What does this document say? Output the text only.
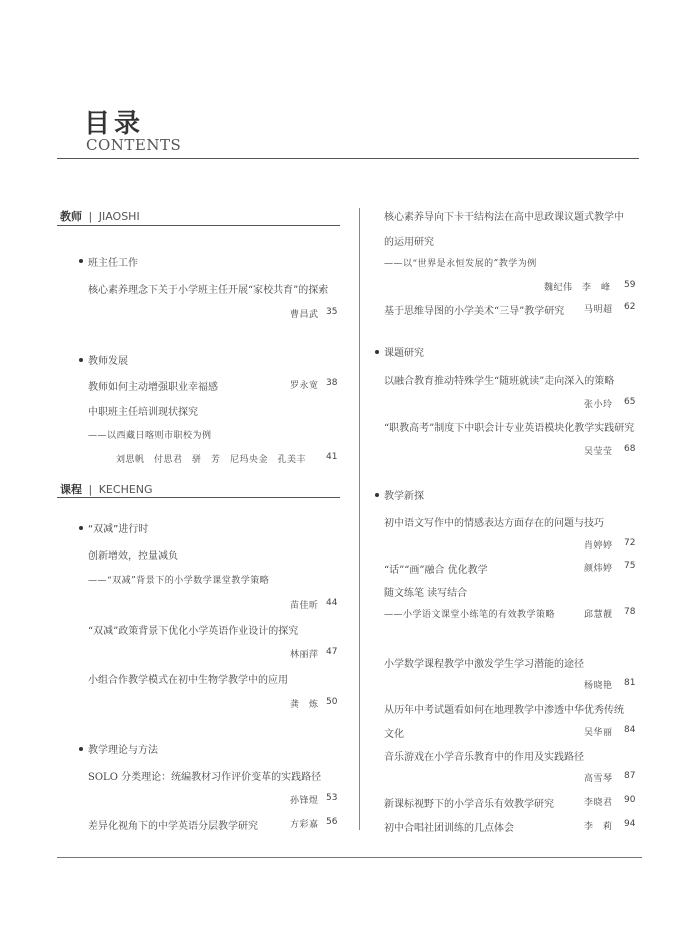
目录
CONTENTS
教师 | JIAOSHI
班主任工作
核心素养理念下关于小学班主任开展“家校共育”的探索
曹昌武 35
教师发展
教师如何主动增强职业幸福感	罗永宽 38
中职班主任培训现状探究
——以西藏日喀则市职校为例
刘思帆　付思君　骈　芳　尼玛央金　孔美丰 41
课程 | KECHENG
“双减”进行时
创新增效，控量减负
——“双减”背景下的小学数学课堂教学策略
苗佳昕 44
“双减”政策背景下优化小学英语作业设计的探究
林丽萍 47
小组合作教学模式在初中生物学教学中的应用
龚　炼 50
教学理论与方法
SOLO 分类理论：统编教材习作评价变革的实践路径
孙锋煜 53
差异化视角下的中学英语分层教学研究	方彩嘉 56
核心素养导向下卡干结构法在高中思政课议题式教学中
的运用研究
——以“世界是永恒发展的”教学为例
魏纪伟　李　峰 59
基于思维导图的小学美术“三导”教学研究 马明超 62
课题研究
以融合教育推动特殊学生“随班就读”走向深入的策略
张小玲 65
“职教高考”制度下中职会计专业英语模块化教学实践研究
吴莹莹 68
教学新探
初中语文写作中的情感表达方面存在的问题与技巧
肖婷婷 72
“话”“画”融合 优化教学	颜炜婷 75
随文练笔 读写结合
——小学语文课堂小练笔的有效教学策略	邱慧靓 78
小学数学课程教学中激发学生学习潜能的途径
杨晓艳 81
从历年中考试题看如何在地理教学中渗透中华优秀传统
文化	吴华丽 84
音乐游戏在小学音乐教育中的作用及实践路径
高雪琴 87
新课标视野下的小学音乐有效教学研究	李晓君 90
初中合唱社团训练的几点体会	李　莉 94
